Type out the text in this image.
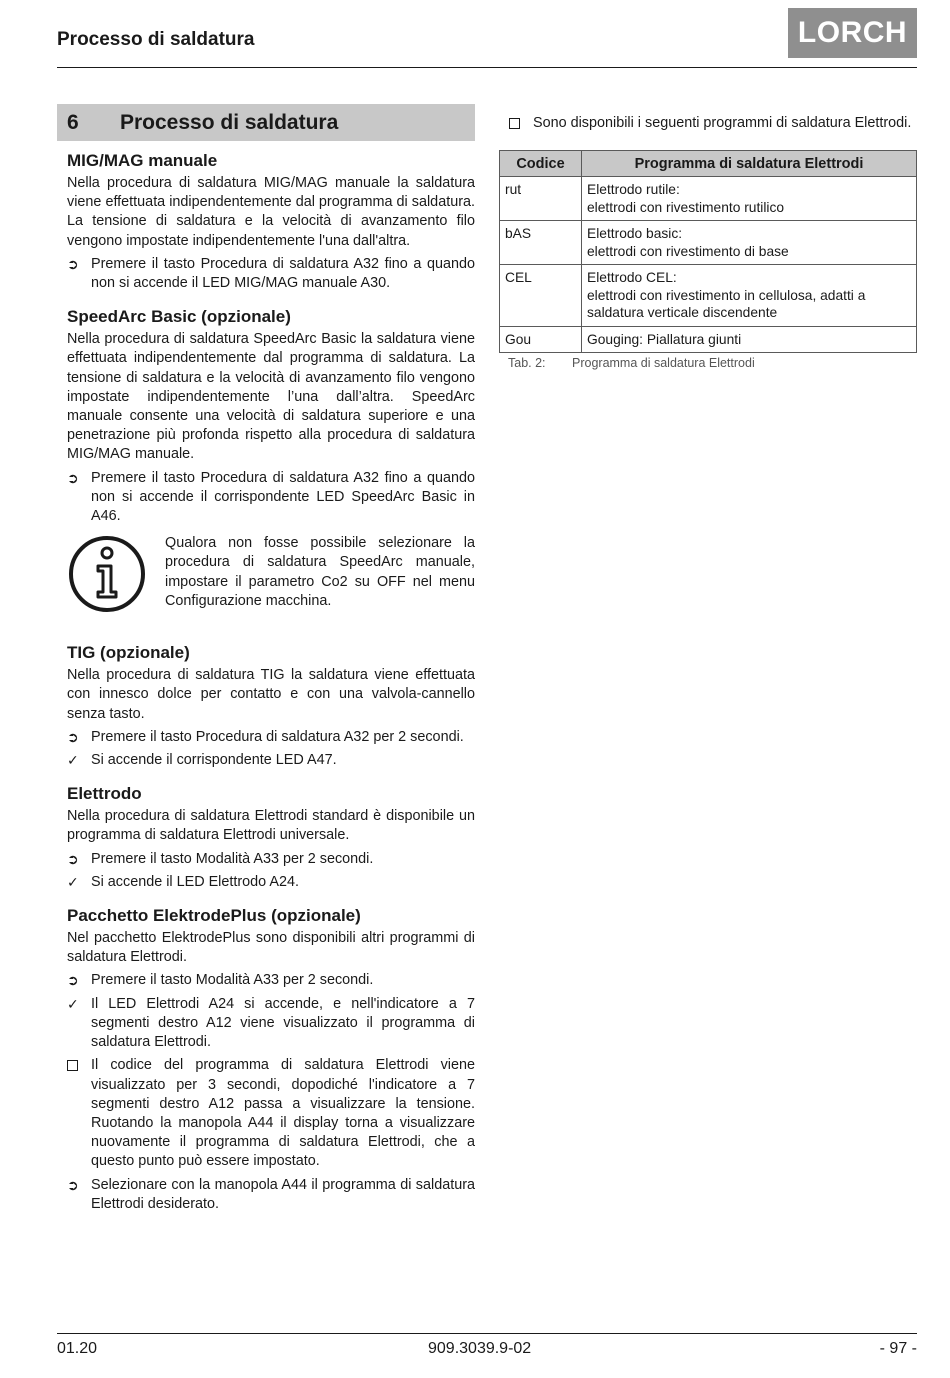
Processo di saldatura	LORCH
6	Processo di saldatura
MIG/MAG manuale

Nella procedura di saldatura MIG/MAG manuale la saldatura viene effettuata indipendentemente dal programma di saldatura. La tensione di saldatura e la velocità di avanzamento filo vengono impostate indipendentemente l'una dall'altra.

➲ Premere il tasto Procedura di saldatura A32 fino a quando non si accende il LED MIG/MAG manuale A30.
SpeedArc Basic (opzionale)

Nella procedura di saldatura SpeedArc Basic la saldatura viene effettuata indipendentemente dal programma di saldatura. La tensione di saldatura e la velocità di avanzamento filo vengono impostate indipendentemente l’una dall’altra. SpeedArc manuale consente una velocità di saldatura superiore e una penetrazione più profonda rispetto alla procedura di saldatura MIG/MAG manuale.

➲ Premere il tasto Procedura di saldatura A32 fino a quando non si accende il corrispondente LED SpeedArc Basic in A46.
Qualora non fosse possibile selezionare la procedura di saldatura SpeedArc manuale, impostare il parametro Co2 su OFF nel menu Configurazione macchina.
TIG (opzionale)

Nella procedura di saldatura TIG la saldatura viene effettuata con innesco dolce per contatto e con una valvola-cannello senza tasto.

➲ Premere il tasto Procedura di saldatura A32 per 2 secondi.
✓ Si accende il corrispondente LED A47.
Elettrodo

Nella procedura di saldatura Elettrodi standard è disponibile un programma di saldatura Elettrodi universale.

➲ Premere il tasto Modalità A33 per 2 secondi.
✓ Si accende il LED Elettrodo A24.
Pacchetto ElektrodePlus (opzionale)

Nel pacchetto ElektrodePlus sono disponibili altri programmi di saldatura Elettrodi.

➲ Premere il tasto Modalità A33 per 2 secondi.
✓ Il LED Elettrodi A24 si accende, e nell'indicatore a 7 segmenti destro A12 viene visualizzato il programma di saldatura Elettrodi.
Il codice del programma di saldatura Elettrodi viene visualizzato per 3 secondi, dopodiché l'indicatore a 7 segmenti destro A12 passa a visualizzare la tensione. Ruotando la manopola A44 il display torna a visualizzare nuovamente il programma di saldatura Elettrodi, che a questo punto può essere impostato.
➲ Selezionare con la manopola A44 il programma di saldatura Elettrodi desiderato.
Sono disponibili i seguenti programmi di saldatura Elettrodi.
Codice	Programma di saldatura Elettrodi
rut	Elettrodo rutile:
elettrodi con rivestimento rutilico

bAS	Elettrodo basic:
elettrodi con rivestimento di base

CEL	Elettrodo CEL:
elettrodi con rivestimento in cellulosa, adatti a saldatura verticale discendente

Gou	Gouging: Piallatura giunti
Tab. 2:	Programma di saldatura Elettrodi
01.20	909.3039.9-02	- 97 -
